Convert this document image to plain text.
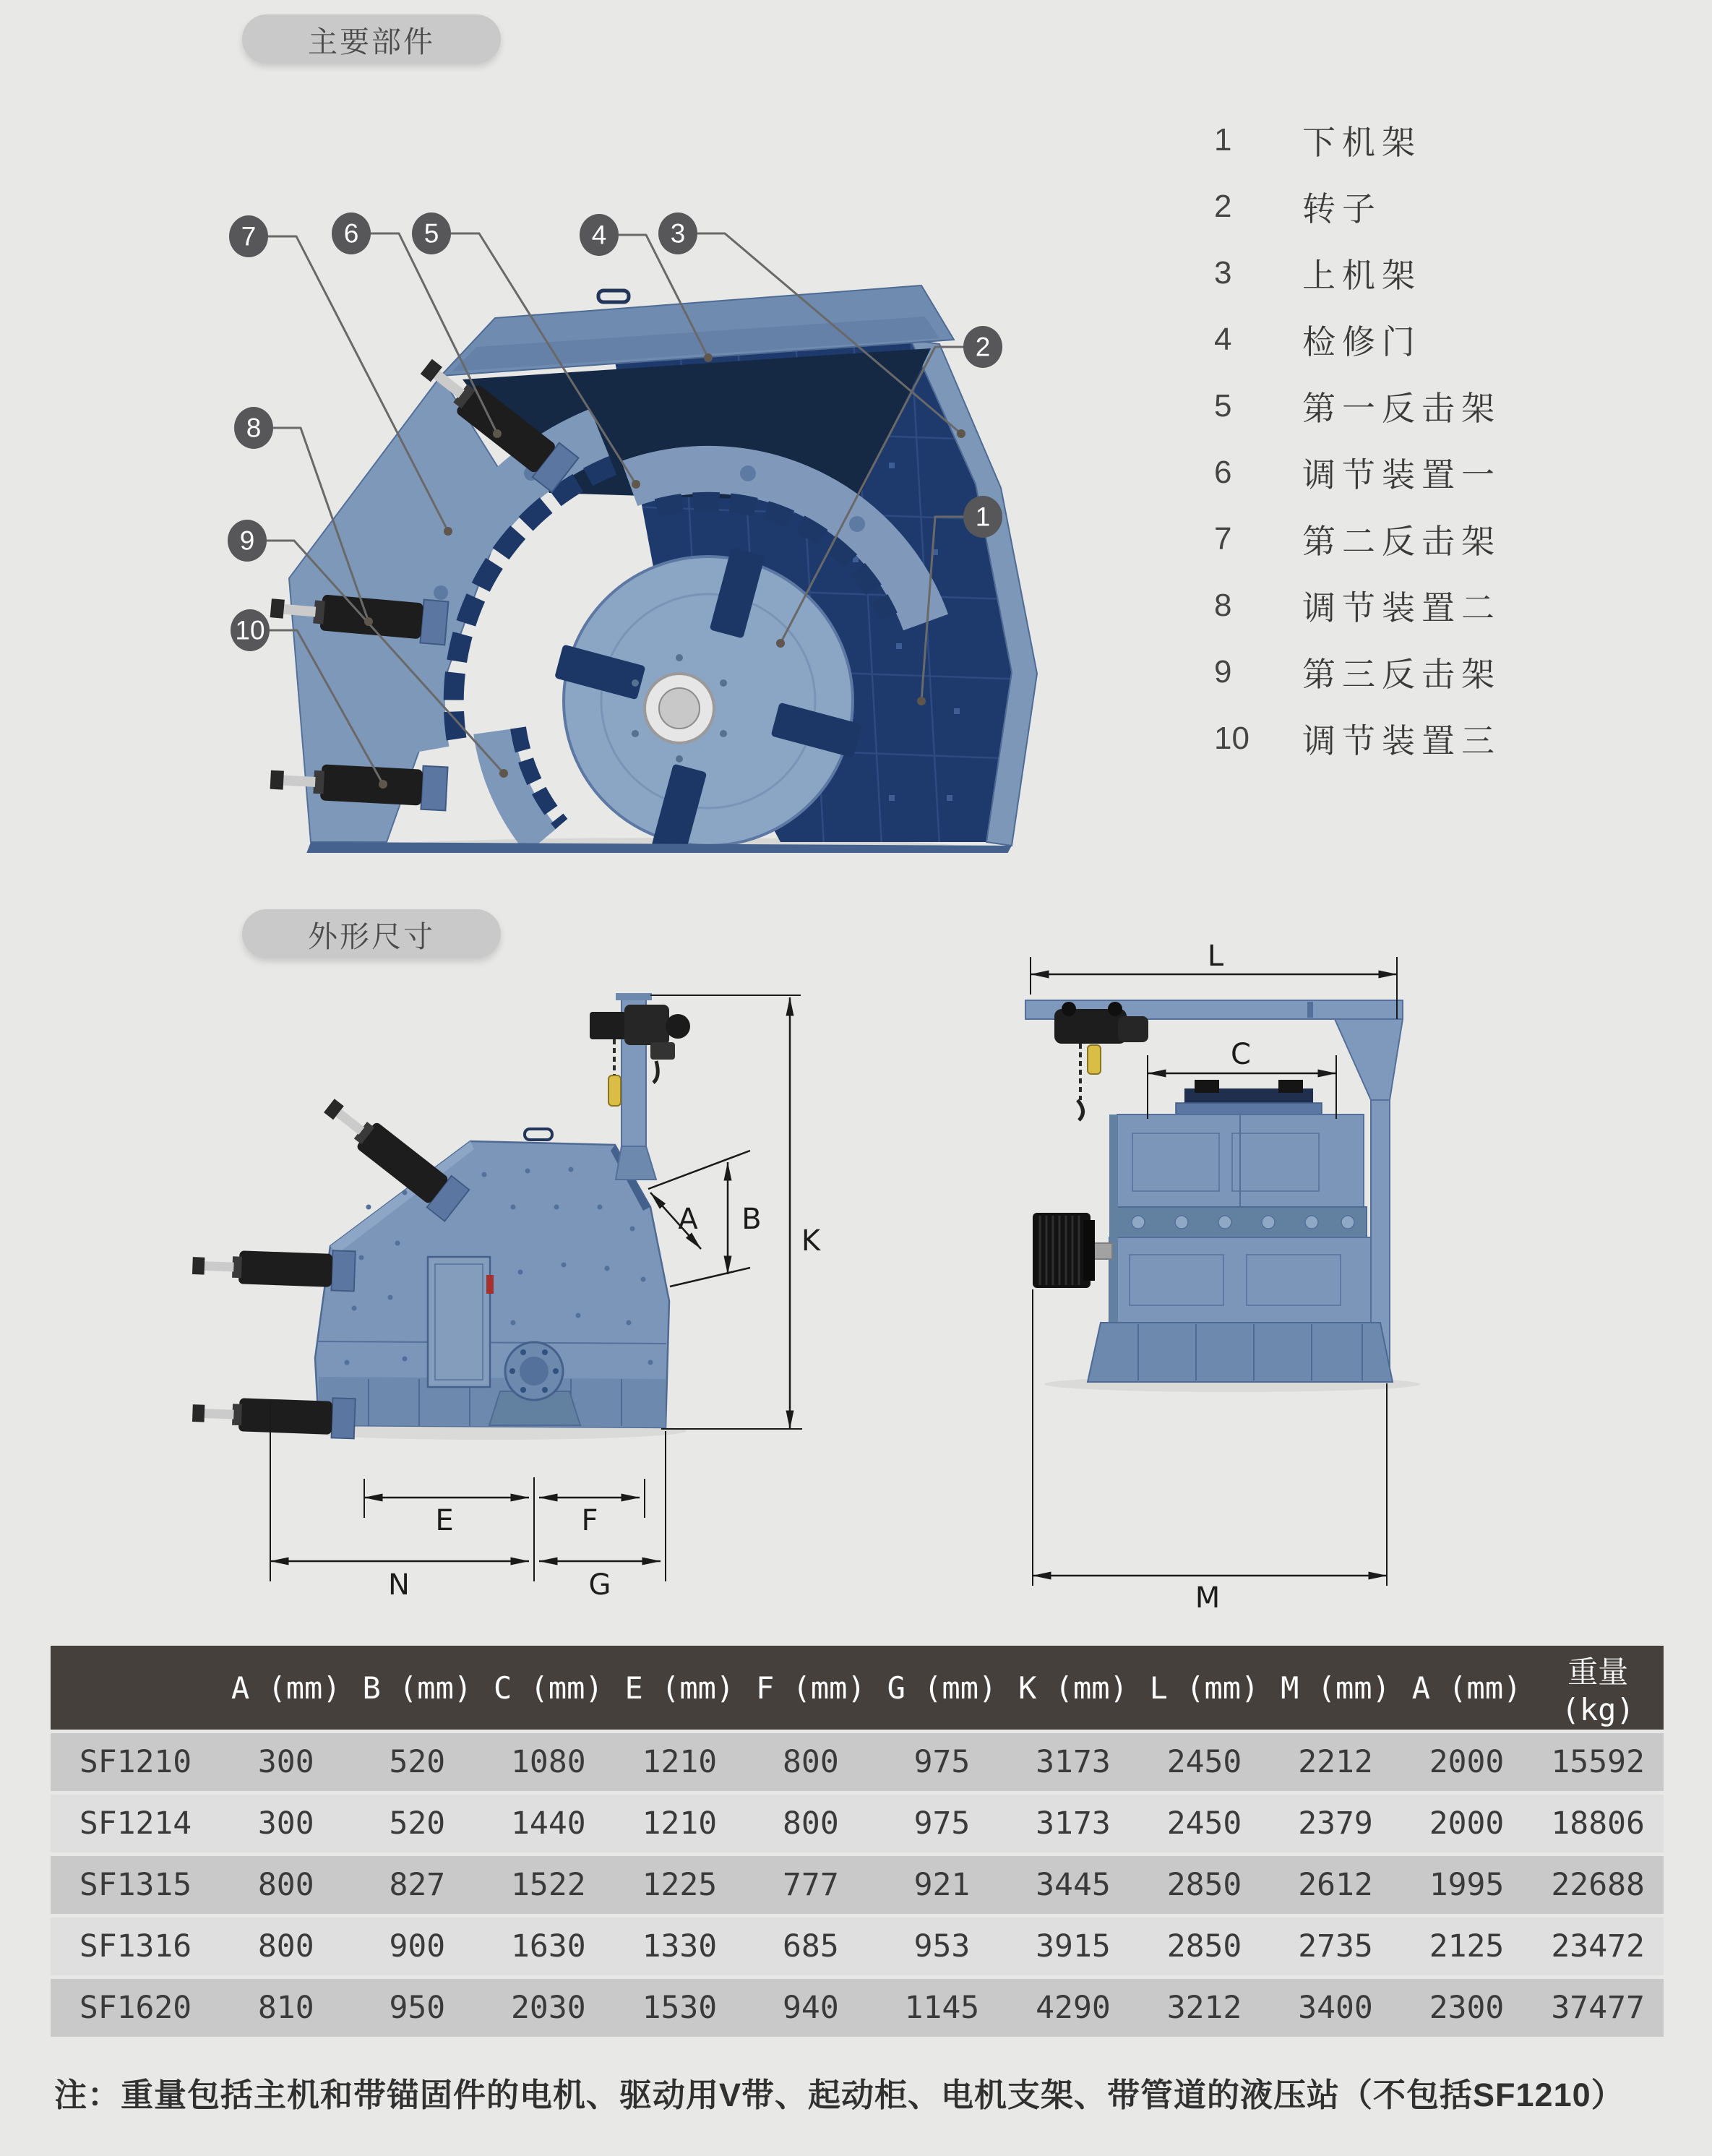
主要部件
7	6 5	4 3
2
1
8
9
10
1	下机架
2	转子
3	上机架
4	检修门
5	第一反击架
6	调节装置一
7	第二反击架
8	调节装置二
9	第三反击架
10	调节装置三
外形尺寸
A B
K
E	F
N	G
L
C
M
	A (mm)	B (mm)	C (mm)	E (mm)	F (mm)	G (mm)	K (mm)	L (mm)	M (mm)	A (mm)	重量(kg)
SF1210	300	520	1080	1210	800	975	3173	2450	2212	2000	15592
SF1214	300	520	1440	1210	800	975	3173	2450	2379	2000	18806
SF1315	800	827	1522	1225	777	921	3445	2850	2612	1995	22688
SF1316	800	900	1630	1330	685	953	3915	2850	2735	2125	23472
SF1620	810	950	2030	1530	940	1145	4290	3212	3400	2300	37477
注：重量包括主机和带锚固件的电机、驱动用V带、起动柜、电机支架、带管道的液压站（不包括SF1210）
